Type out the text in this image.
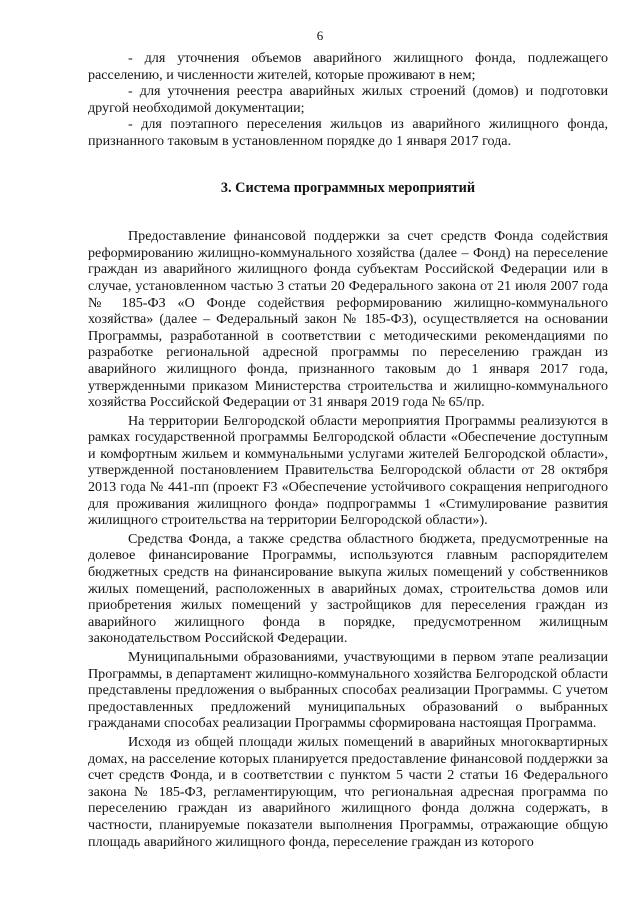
6

- для уточнения объемов аварийного жилищного фонда, подлежащего расселению, и численности жителей, которые проживают в нем;

- для уточнения реестра аварийных жилых строений (домов) и подготовки другой необходимой документации;

- для поэтапного переселения жильцов из аварийного жилищного фонда, признанного таковым в установленном порядке до 1 января 2017 года.

3. Система программных мероприятий

Предоставление финансовой поддержки за счет средств Фонда содействия реформированию жилищно-коммунального хозяйства (далее – Фонд) на переселение граждан из аварийного жилищного фонда субъектам Российской Федерации или в случае, установленном частью 3 статьи 20 Федерального закона от 21 июля 2007 года № 185-ФЗ «О Фонде содействия реформированию жилищно-коммунального хозяйства» (далее – Федеральный закон № 185-ФЗ), осуществляется на основании Программы, разработанной в соответствии с методическими рекомендациями по разработке региональной адресной программы по переселению граждан из аварийного жилищного фонда, признанного таковым до 1 января 2017 года, утвержденными приказом Министерства строительства и жилищно-коммунального хозяйства Российской Федерации от 31 января 2019 года № 65/пр.

На территории Белгородской области мероприятия Программы реализуются в рамках государственной программы Белгородской области «Обеспечение доступным и комфортным жильем и коммунальными услугами жителей Белгородской области», утвержденной постановлением Правительства Белгородской области от 28 октября 2013 года № 441-пп (проект F3 «Обеспечение устойчивого сокращения непригодного для проживания жилищного фонда» подпрограммы 1 «Стимулирование развития жилищного строительства на территории Белгородской области»).

Средства Фонда, а также средства областного бюджета, предусмотренные на долевое финансирование Программы, используются главным распорядителем бюджетных средств на финансирование выкупа жилых помещений у собственников жилых помещений, расположенных в аварийных домах, строительства домов или приобретения жилых помещений у застройщиков для переселения граждан из аварийного жилищного фонда в порядке, предусмотренном жилищным законодательством Российской Федерации.

Муниципальными образованиями, участвующими в первом этапе реализации Программы, в департамент жилищно-коммунального хозяйства Белгородской области представлены предложения о выбранных способах реализации Программы. С учетом предоставленных предложений муниципальных образований о выбранных гражданами способах реализации Программы сформирована настоящая Программа.

Исходя из общей площади жилых помещений в аварийных многоквартирных домах, на расселение которых планируется предоставление финансовой поддержки за счет средств Фонда, и в соответствии с пунктом 5 части 2 статьи 16 Федерального закона № 185-ФЗ, регламентирующим, что региональная адресная программа по переселению граждан из аварийного жилищного фонда должна содержать, в частности, планируемые показатели выполнения Программы, отражающие общую площадь аварийного жилищного фонда, переселение граждан из которого
